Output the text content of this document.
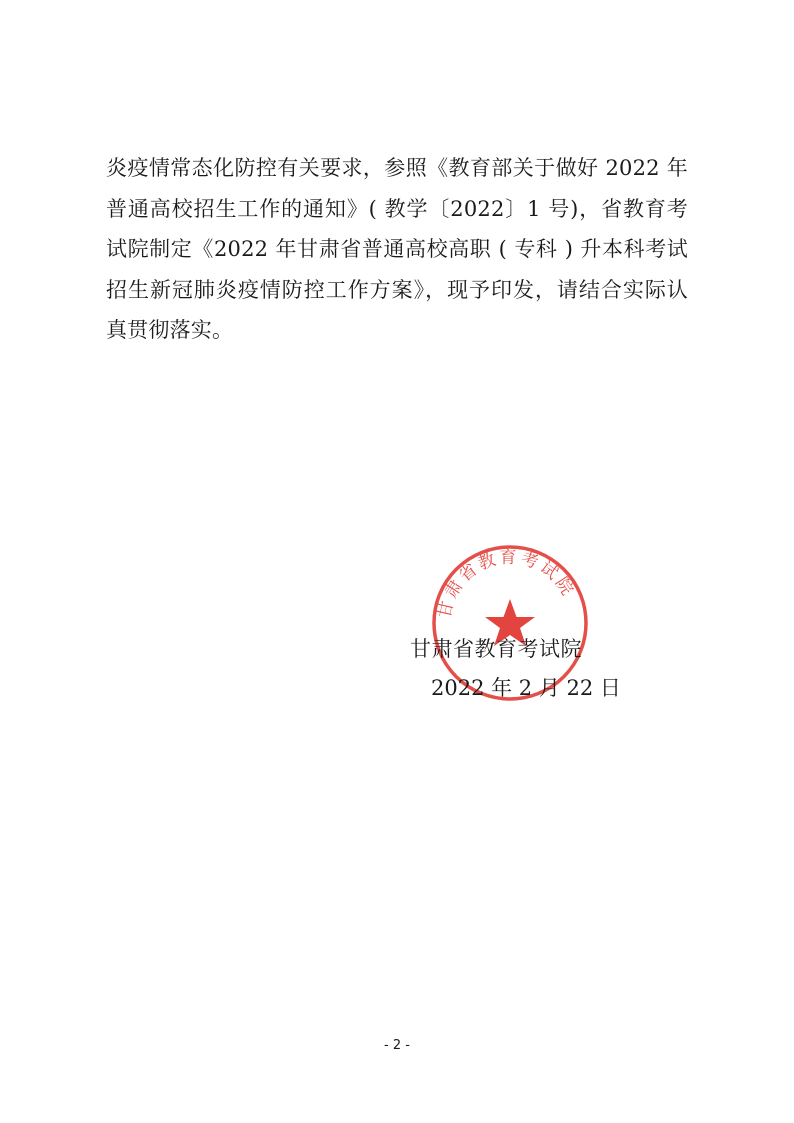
炎疫情常态化防控有关要求，参照《教育部关于做好 2022 年普通高校招生工作的通知》( 教学〔2022〕1 号)，省教育考试院制定《2022 年甘肃省普通高校高职 ( 专科 ) 升本科考试招生新冠肺炎疫情防控工作方案》，现予印发，请结合实际认真贯彻落实。
甘肃省教育考试院
甘肃省教育考试院
2022 年 2 月 22 日
- 2 -
